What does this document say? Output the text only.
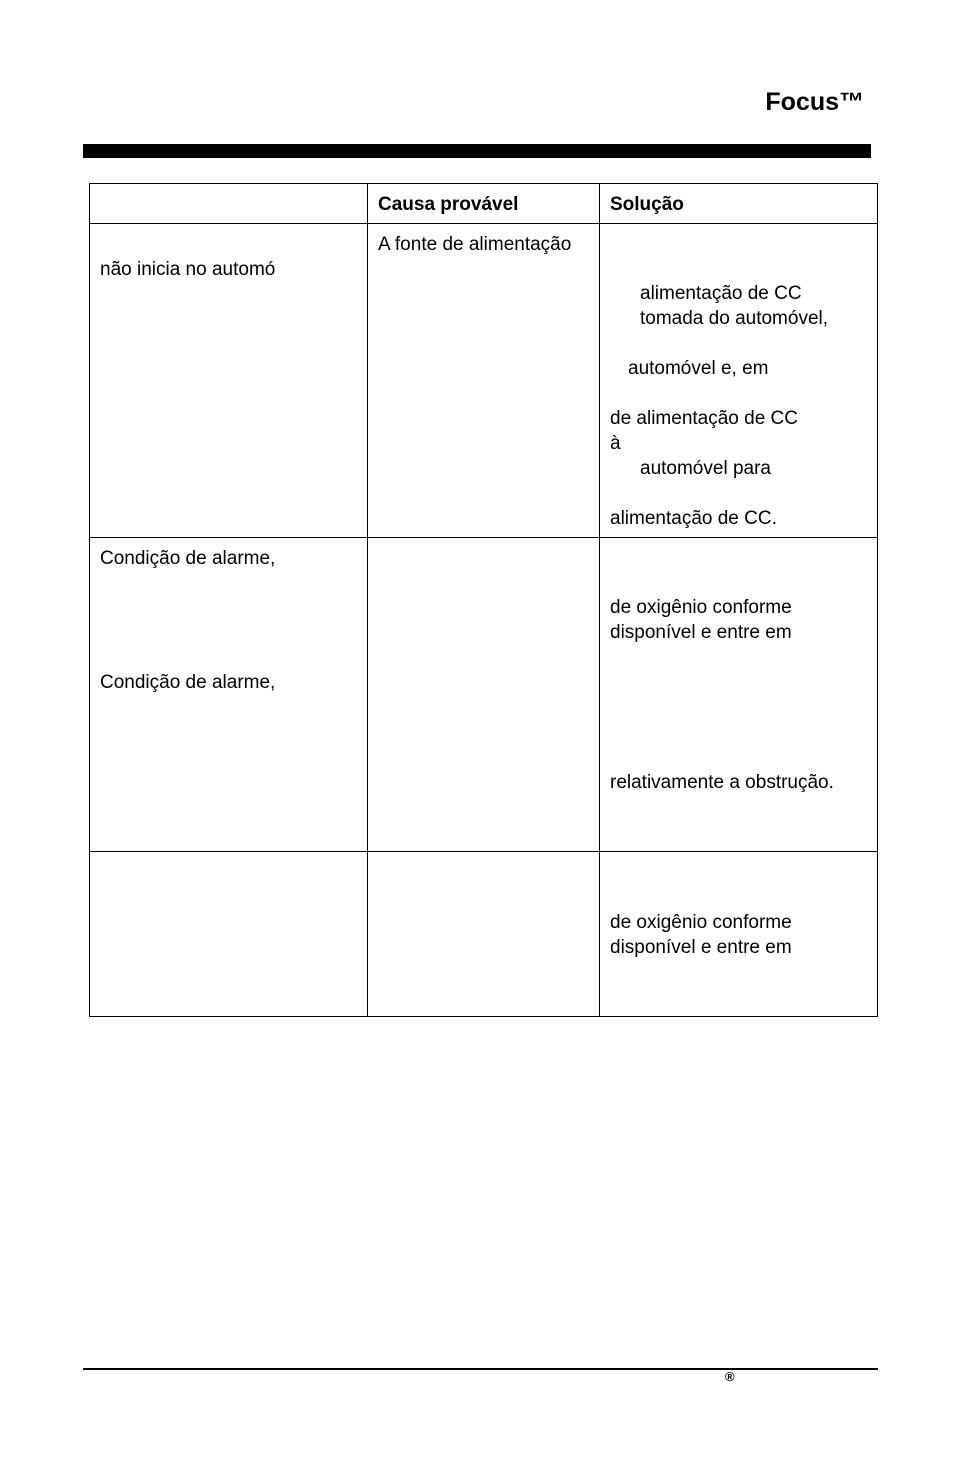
Focus™
Causa provável	Solução
não inicia no automó
A fonte de alimentação
alimentação de CC
tomada do automóvel,
automóvel e, em
de alimentação de CC
à
automóvel para
alimentação de CC.
Condição de alarme,
Condição de alarme,
de oxigênio conforme
disponível e entre em
relativamente a obstrução.
de oxigênio conforme
disponível e entre em
®
